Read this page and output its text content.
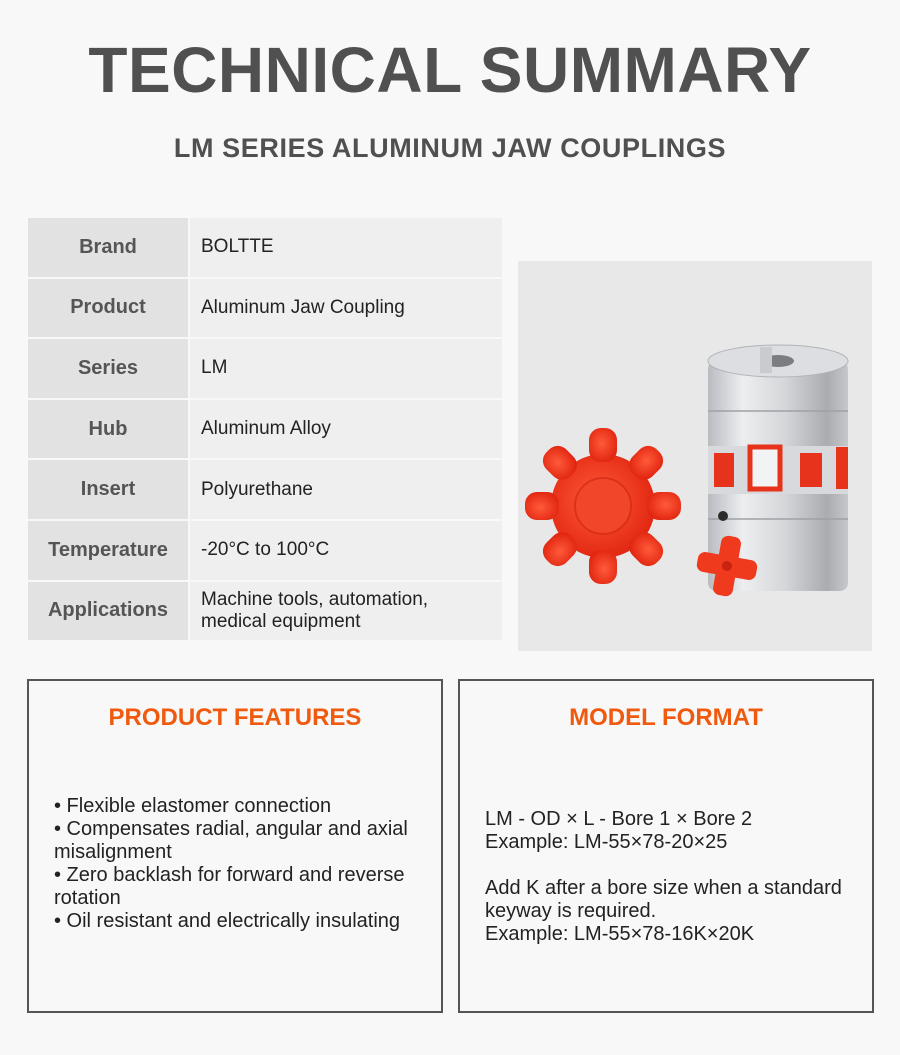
TECHNICAL SUMMARY
LM SERIES ALUMINUM JAW COUPLINGS
Brand	BOLTTE
Product	Aluminum Jaw Coupling
Series	LM
Hub	Aluminum Alloy
Insert	Polyurethane
Temperature	-20°C to 100°C
Applications	Machine tools, automation, medical equipment
PRODUCT FEATURES
• Flexible elastomer connection
• Compensates radial, angular and axial misalignment
• Zero backlash for forward and reverse rotation
• Oil resistant and electrically insulating
MODEL FORMAT

LM - OD × L - Bore 1 × Bore 2

Example: LM-55×78-20×25

Add K after a bore size when a standard keyway is required.

Example: LM-55×78-16K×20K
